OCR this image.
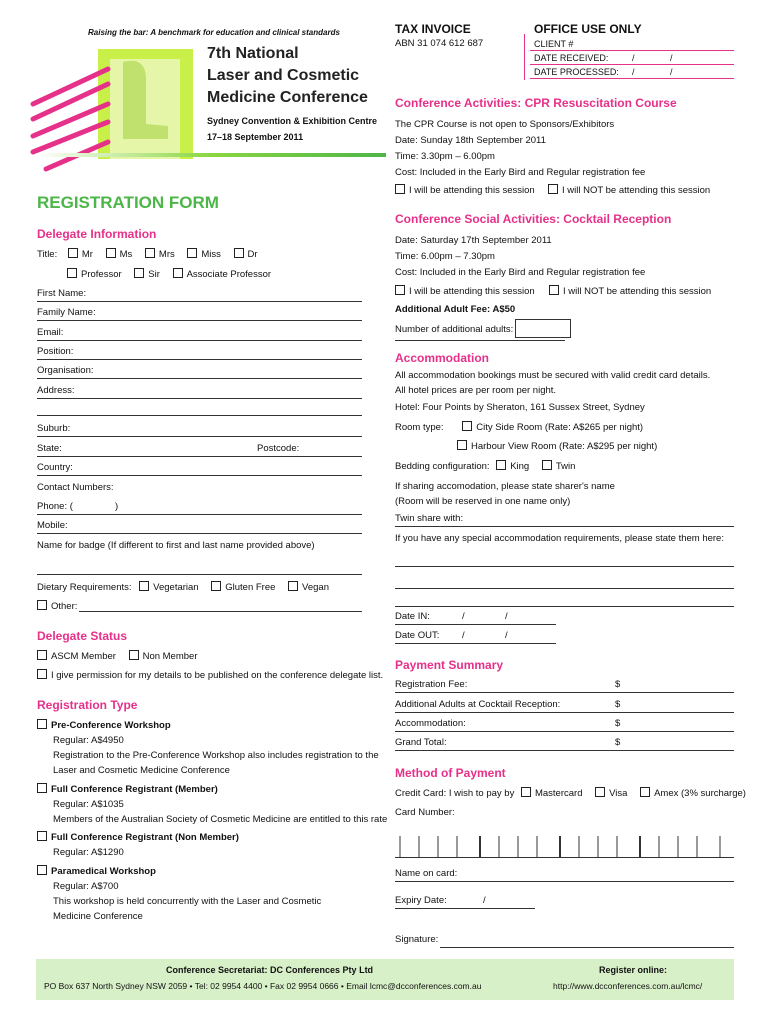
Raising the bar: A benchmark for education and clinical standards
7th National
Laser and Cosmetic
Medicine Conference
Sydney Convention & Exhibition Centre
17–18 September 2011
TAX INVOICE
ABN 31 074 612 687
OFFICE USE ONLY
CLIENT #
DATE RECEIVED:	/	/
DATE PROCESSED: /	/
REGISTRATION FORM
Delegate Information
Title:	Mr	Ms	Mrs	Miss	Dr
Professor	Sir	Associate Professor
First Name:
Family Name:
Email:
Position:
Organisation:
Address:
Suburb:
State:	Postcode:
Country:
Contact Numbers:
Phone: (	)
Mobile:
Name for badge (If different to first and last name provided above)
Dietary Requirements: Vegetarian	Gluten Free	Vegan
Other:
Delegate Status
ASCM Member	Non Member
I give permission for my details to be published on the conference delegate list.
Registration Type
Pre-Conference Workshop
Regular: A$4950
Registration to the Pre-Conference Workshop also includes registration to the
Laser and Cosmetic Medicine Conference
Full Conference Registrant (Member)
Regular: A$1035
Members of the Australian Society of Cosmetic Medicine are entitled to this rate
Full Conference Registrant (Non Member)
Regular: A$1290
Paramedical Workshop
Regular: A$700
This workshop is held concurrently with the Laser and Cosmetic
Medicine Conference
Conference Activities: CPR Resuscitation Course
The CPR Course is not open to Sponsors/Exhibitors
Date: Sunday 18th September 2011
Time: 3.30pm – 6.00pm
Cost: Included in the Early Bird and Regular registration fee
I will be attending this session	I will NOT be attending this session
Conference Social Activities: Cocktail Reception
Date: Saturday 17th September 2011
Time: 6.00pm – 7.30pm
Cost: Included in the Early Bird and Regular registration fee
I will be attending this session	I will NOT be attending this session
Additional Adult Fee: A$50
Number of additional adults:
Accommodation
All accommodation bookings must be secured with valid credit card details.
All hotel prices are per room per night.
Hotel: Four Points by Sheraton, 161 Sussex Street, Sydney
Room type:	City Side Room (Rate: A$265 per night)
Harbour View Room (Rate: A$295 per night)
Bedding configuration: King	Twin
If sharing accomodation, please state sharer's name
(Room will be reserved in one name only)
Twin share with:
If you have any special accommodation requirements, please state them here:
Date IN:	/	/
Date OUT: /	/
Payment Summary
Registration Fee:	$
Additional Adults at Cocktail Reception:	$
Accommodation:	$
Grand Total:	$
Method of Payment
Credit Card: I wish to pay by Mastercard	Visa	Amex (3% surcharge)
Card Number:
Name on card:
Expiry Date:	/
Signature:
Conference Secretariat: DC Conferences Pty Ltd
PO Box 637 North Sydney NSW 2059 • Tel: 02 9954 4400 • Fax 02 9954 0666 • Email lcmc@dcconferences.com.au
Register online:
http://www.dcconferences.com.au/lcmc/
